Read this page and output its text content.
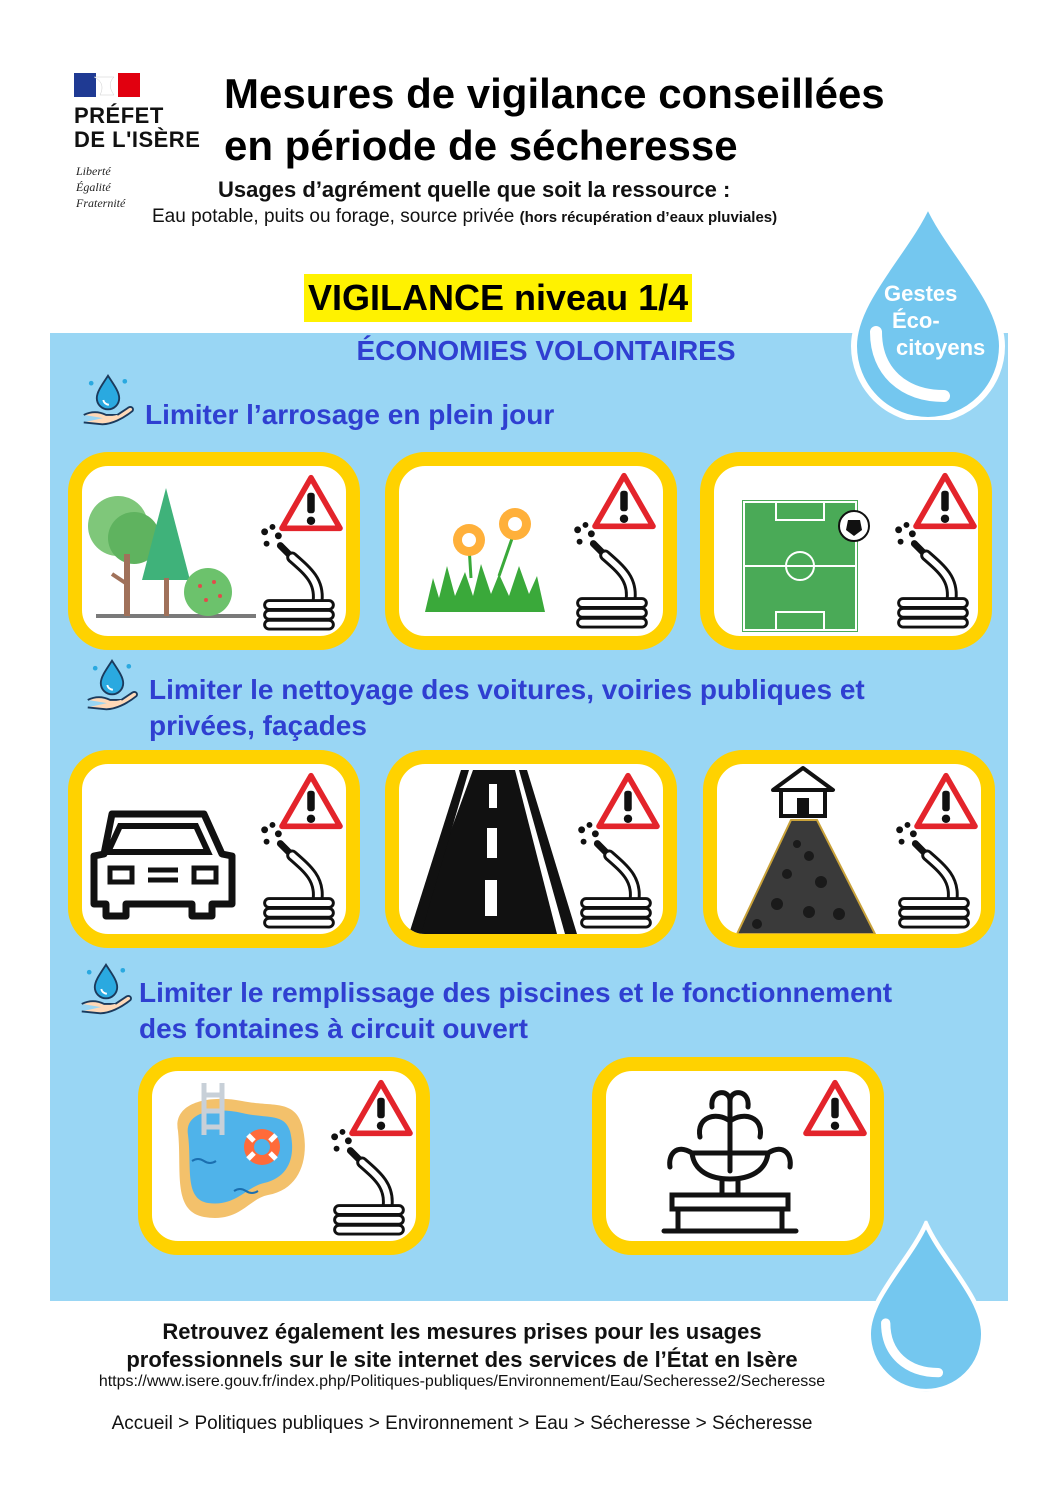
PRÉFET
DE L'ISÈRE
Liberté
Égalité
Fraternité
Mesures de vigilance conseillées
en période de sécheresse
Usages d’agrément quelle que soit la ressource :
Eau potable, puits ou forage, source privée (hors récupération d’eaux pluviales)
VIGILANCE niveau 1/4	Gestes
Éco-
citoyens
ÉCONOMIES VOLONTAIRES
Limiter l’arrosage en plein jour
Limiter le nettoyage des voitures, voiries publiques et
privées, façades
Limiter le remplissage des piscines et le fonctionnement
des fontaines à circuit ouvert
Retrouvez également les mesures prises pour les usages
professionnels sur le site internet des services de l’État en Isère
https://www.isere.gouv.fr/index.php/Politiques-publiques/Environnement/Eau/Secheresse2/Secheresse
Accueil > Politiques publiques > Environnement > Eau > Sécheresse > Sécheresse
